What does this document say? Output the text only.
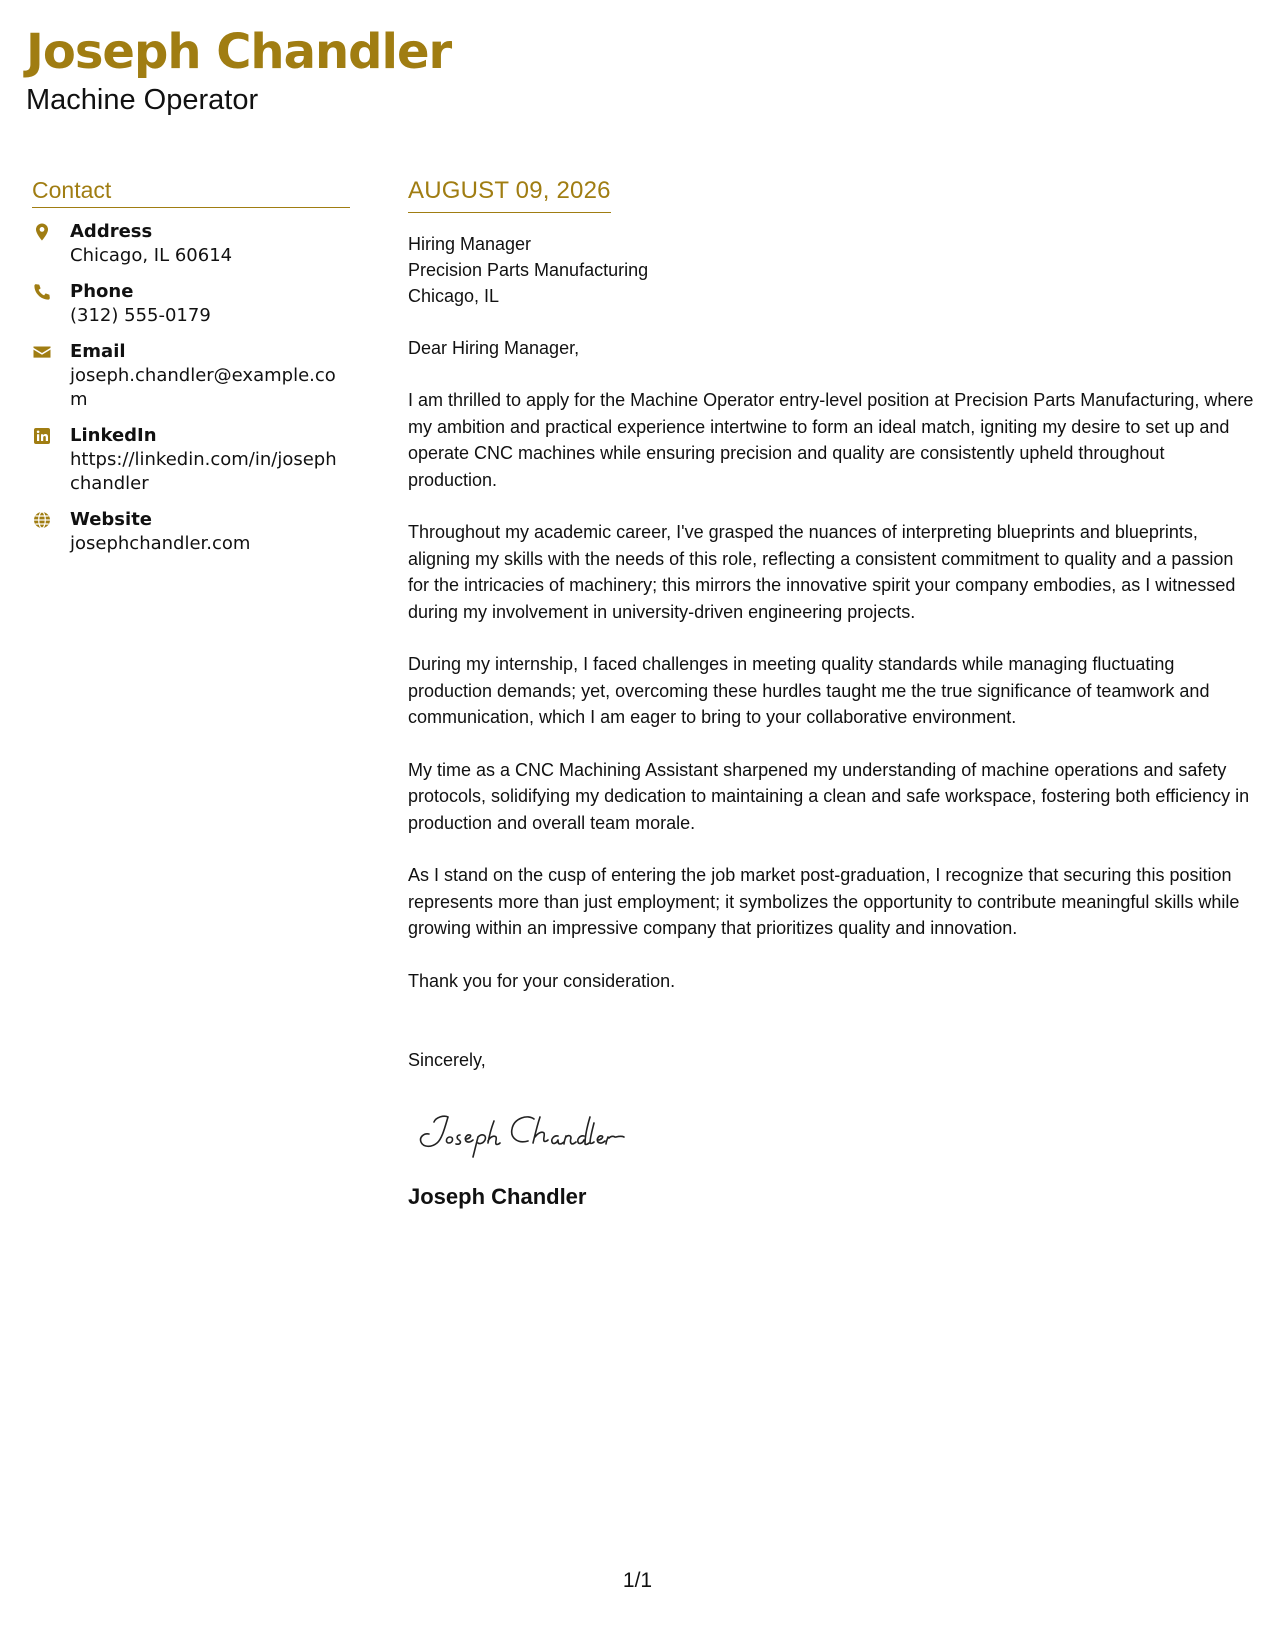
Joseph Chandler
Machine Operator
Contact
Address
Chicago, IL 60614
Phone
(312) 555-0179
Email
joseph.chandler@example.com
LinkedIn
https://linkedin.com/in/josephchandler
Website
josephchandler.com
AUGUST 09, 2026
Hiring Manager
Precision Parts Manufacturing
Chicago, IL
Dear Hiring Manager,
I am thrilled to apply for the Machine Operator entry-level position at Precision Parts Manufacturing, where my ambition and practical experience intertwine to form an ideal match, igniting my desire to set up and operate CNC machines while ensuring precision and quality are consistently upheld throughout production.
Throughout my academic career, I've grasped the nuances of interpreting blueprints and blueprints, aligning my skills with the needs of this role, reflecting a consistent commitment to quality and a passion for the intricacies of machinery; this mirrors the innovative spirit your company embodies, as I witnessed during my involvement in university-driven engineering projects.
During my internship, I faced challenges in meeting quality standards while managing fluctuating production demands; yet, overcoming these hurdles taught me the true significance of teamwork and communication, which I am eager to bring to your collaborative environment.
My time as a CNC Machining Assistant sharpened my understanding of machine operations and safety protocols, solidifying my dedication to maintaining a clean and safe workspace, fostering both efficiency in production and overall team morale.
As I stand on the cusp of entering the job market post-graduation, I recognize that securing this position represents more than just employment; it symbolizes the opportunity to contribute meaningful skills while growing within an impressive company that prioritizes quality and innovation.
Thank you for your consideration.
Sincerely,
Joseph Chandler
1/1
